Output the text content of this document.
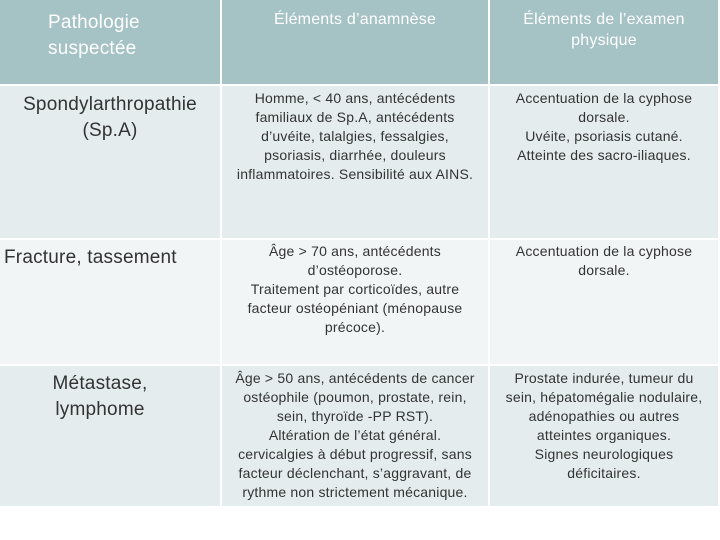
Pathologie
suspectée
Éléments d’anamnèse	Éléments de l’examen
physique
Spondylarthropathie
(Sp.A)
Homme, < 40 ans, antécédents
familiaux de Sp.A, antécédents
d’uvéite, talalgies, fessalgies,
psoriasis, diarrhée, douleurs
inflammatoires. Sensibilité aux AINS.
Accentuation de la cyphose
dorsale.
Uvéite, psoriasis cutané.
Atteinte des sacro-iliaques.
Fracture, tassement	Âge > 70 ans, antécédents
d’ostéoporose.
Traitement par corticoïdes, autre
facteur ostéopéniant (ménopause
précoce).
Accentuation de la cyphose
dorsale.
Métastase,
lymphome
Âge > 50 ans, antécédents de cancer
ostéophile (poumon, prostate, rein,
sein, thyroïde -PP RST).
Altération de l’état général.
cervicalgies à début progressif, sans
facteur déclenchant, s’aggravant, de
rythme non strictement mécanique.
Prostate indurée, tumeur du
sein, hépatomégalie nodulaire,
adénopathies ou autres
atteintes organiques.
Signes neurologiques
déficitaires.
